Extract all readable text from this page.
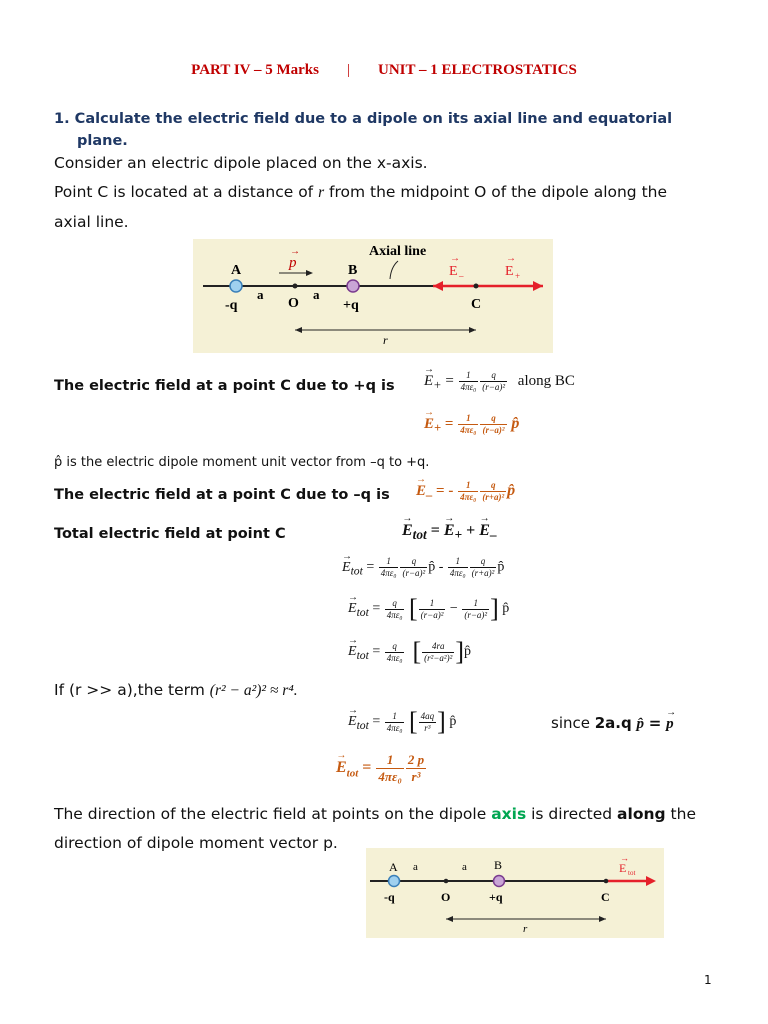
PART IV – 5 Marks | UNIT – 1 ELECTROSTATICS
1. Calculate the electric field due to a dipole on its axial line and equatorial
plane.
Consider an electric dipole placed on the x-axis.
Point C is located at a distance of r from the midpoint O of the dipole along the
axial line.
p
→
A	B
Axial line
-q
a
O
a
+q	C
E –
→
E +
→
r
The electric field at a point C due to +q is → $E_+ = \frac{1}{\text{4πε₀}} \frac{q}{\text{(r−a)²}}$ along BC
→ $E_+ = \frac{1}{\text{4πε₀}} \frac{q}{\text{(r−a)²}}$ p̂
p̂ is the electric dipole moment unit vector from –q to +q.
The electric field at a point C due to –q is → $E_-$ = - $\frac{1}{\text{4πε₀}} \frac{q}{\text{(r+a)²}}$ p̂
Total electric field at point C	→ $E_{tot}$ = → $E_+$ + → $E_-$
→ $E_{tot} = \frac{1}{\text{4πε₀}} \frac{q}{\text{(r−a)²}}$ p̂ - $\frac{1}{\text{4πε₀}} \frac{q}{\text{(r+a)²}}$ p̂
→ $E_{tot} = \frac{q}{\text{4πε₀}}$ [ $\frac{1}{\text{(r−a)²}} - \frac{1}{\text{(r−a)²}}$ ] p̂
→ $E_{tot} = \frac{q}{\text{4πε₀}}$ [ $\frac{4ra}{\text{(r²−a²)²}}$ ]p̂
If (r >> a),the term (r² − a²)² ≈ r⁴.
→ $E_{tot} = \frac{1}{\text{4πε₀}}$ [ $\frac{4aq}{\text{r³}}$ ] p̂	since 2a.q p̂ = → p
→ $E_{tot} = \frac{1}{\text{4πε₀}} \frac{2 p}{\text{r³}}$
The direction of the electric field at points on the dipole axis is directed along the
direction of dipole moment vector p.
A	B
a	a
-q	O	+q	C
E tot
→
r
1
